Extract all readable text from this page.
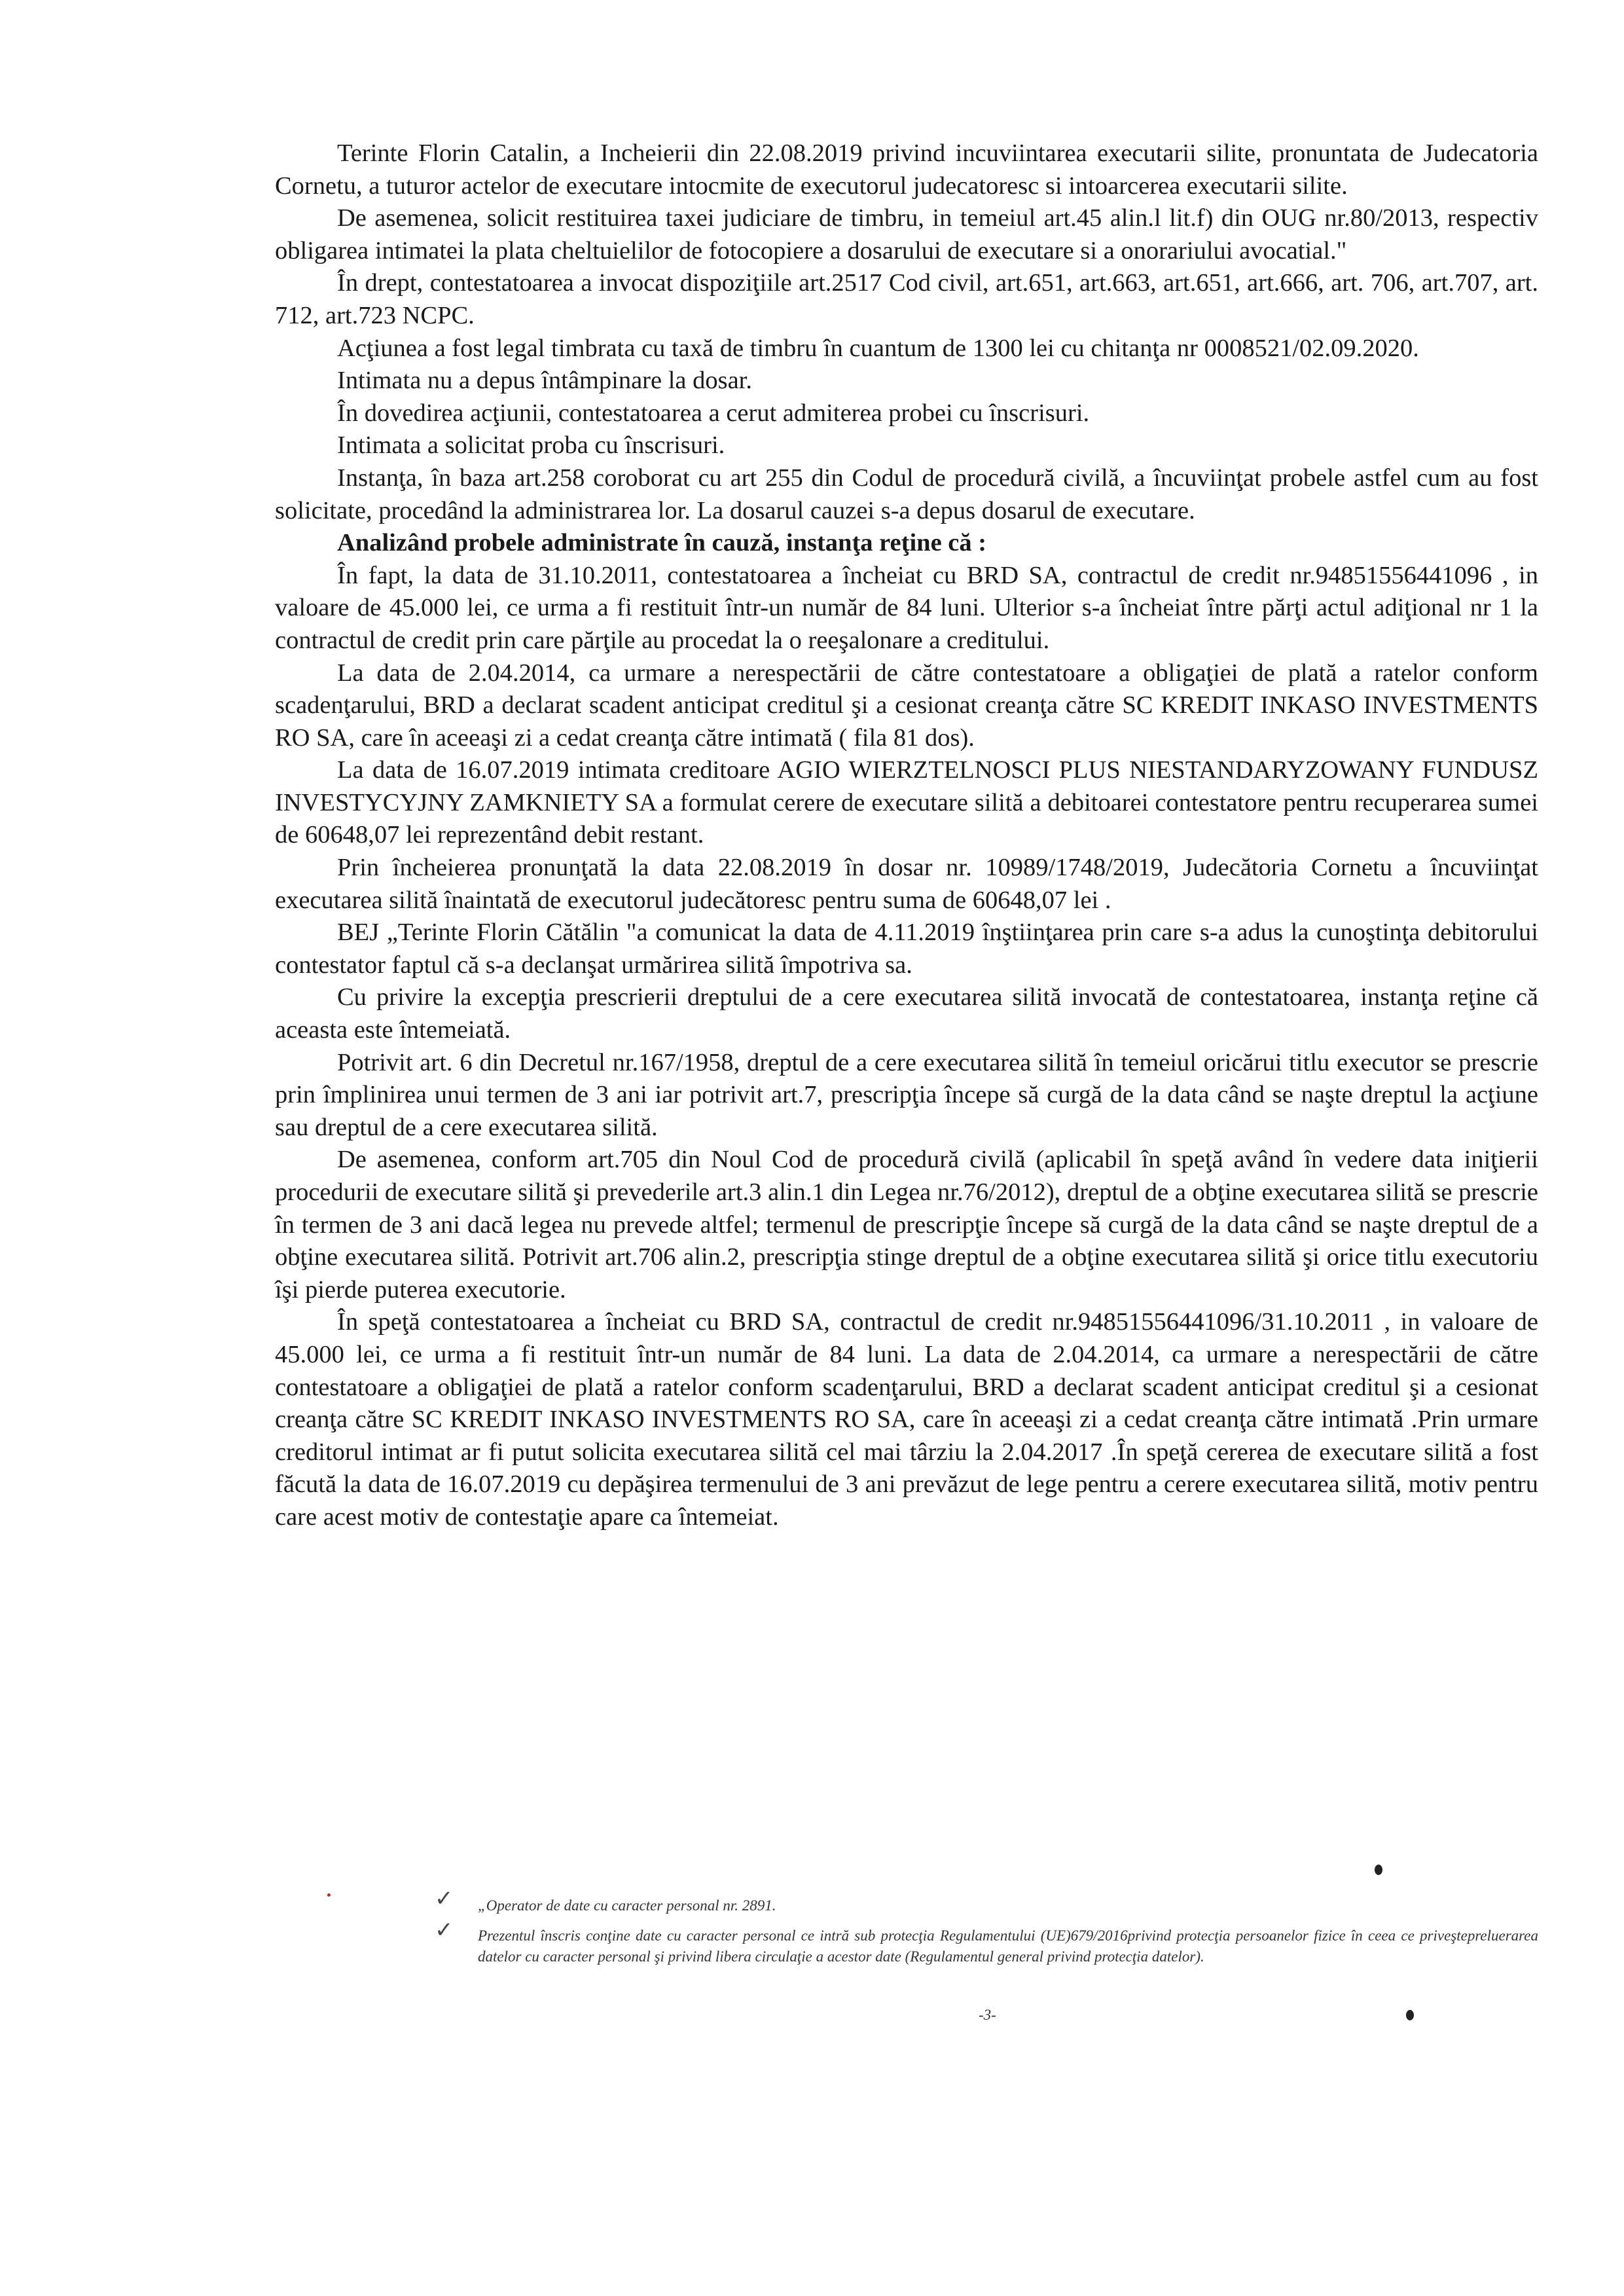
Terinte Florin Catalin, a Incheierii din 22.08.2019 privind incuviintarea executarii silite, pronuntata de Judecatoria Cornetu, a tuturor actelor de executare intocmite de executorul judecatoresc si intoarcerea executarii silite.

De asemenea, solicit restituirea taxei judiciare de timbru, in temeiul art.45 alin.l lit.f) din OUG nr.80/2013, respectiv obligarea intimatei la plata cheltuielilor de fotocopiere a dosarului de executare si a onorariului avocatial."

În drept, contestatoarea a invocat dispoziţiile art.2517 Cod civil, art.651, art.663, art.651, art.666, art. 706, art.707, art. 712, art.723 NCPC.

Acţiunea a fost legal timbrata cu taxă de timbru în cuantum de 1300 lei cu chitanţa nr 0008521/02.09.2020.

Intimata nu a depus întâmpinare la dosar.

În dovedirea acţiunii, contestatoarea a cerut admiterea probei cu înscrisuri.

Intimata a solicitat proba cu înscrisuri.

Instanţa, în baza art.258 coroborat cu art 255 din Codul de procedură civilă, a încuviinţat probele astfel cum au fost solicitate, procedând la administrarea lor. La dosarul cauzei s-a depus dosarul de executare.

Analizând probele administrate în cauză, instanţa reţine că :

În fapt, la data de 31.10.2011, contestatoarea a încheiat cu BRD SA, contractul de credit nr.94851556441096 , in valoare de 45.000 lei, ce urma a fi restituit într-un număr de 84 luni. Ulterior s-a încheiat între părţi actul adiţional nr 1 la contractul de credit prin care părţile au procedat la o reeşalonare a creditului.

La data de 2.04.2014, ca urmare a nerespectării de către contestatoare a obligaţiei de plată a ratelor conform scadenţarului, BRD a declarat scadent anticipat creditul şi a cesionat creanţa către SC KREDIT INKASO INVESTMENTS RO SA, care în aceeaşi zi a cedat creanţa către intimată ( fila 81 dos).

La data de 16.07.2019 intimata creditoare AGIO WIERZTELNOSCI PLUS NIESTANDARYZOWANY FUNDUSZ INVESTYCYJNY ZAMKNIETY SA a formulat cerere de executare silită a debitoarei contestatore pentru recuperarea sumei de 60648,07 lei reprezentând debit restant.

Prin încheierea pronunţată la data 22.08.2019 în dosar nr. 10989/1748/2019, Judecătoria Cornetu a încuviinţat executarea silită înaintată de executorul judecătoresc pentru suma de 60648,07 lei .

BEJ „Terinte Florin Cătălin "a comunicat la data de 4.11.2019 înştiinţarea prin care s-a adus la cunoştinţa debitorului contestator faptul că s-a declanşat urmărirea silită împotriva sa.

Cu privire la excepţia prescrierii dreptului de a cere executarea silită invocată de contestatoarea, instanţa reţine că aceasta este întemeiată.

Potrivit art. 6 din Decretul nr.167/1958, dreptul de a cere executarea silită în temeiul oricărui titlu executor se prescrie prin împlinirea unui termen de 3 ani iar potrivit art.7, prescripţia începe să curgă de la data când se naşte dreptul la acţiune sau dreptul de a cere executarea silită.

De asemenea, conform art.705 din Noul Cod de procedură civilă (aplicabil în speţă având în vedere data iniţierii procedurii de executare silită şi prevederile art.3 alin.1 din Legea nr.76/2012), dreptul de a obţine executarea silită se prescrie în termen de 3 ani dacă legea nu prevede altfel; termenul de prescripţie începe să curgă de la data când se naşte dreptul de a obţine executarea silită. Potrivit art.706 alin.2, prescripţia stinge dreptul de a obţine executarea silită şi orice titlu executoriu îşi pierde puterea executorie.

În speţă contestatoarea a încheiat cu BRD SA, contractul de credit nr.94851556441096/31.10.2011 , in valoare de 45.000 lei, ce urma a fi restituit într-un număr de 84 luni. La data de 2.04.2014, ca urmare a nerespectării de către contestatoare a obligaţiei de plată a ratelor conform scadenţarului, BRD a declarat scadent anticipat creditul şi a cesionat creanţa către SC KREDIT INKASO INVESTMENTS RO SA, care în aceeaşi zi a cedat creanţa către intimată .Prin urmare creditorul intimat ar fi putut solicita executarea silită cel mai târziu la 2.04.2017 .În speţă cererea de executare silită a fost făcută la data de 16.07.2019 cu depăşirea termenului de 3 ani prevăzut de lege pentru a cerere executarea silită, motiv pentru care acest motiv de contestaţie apare ca întemeiat.

✓
✓

„Operator de date cu caracter personal nr. 2891.

Prezentul înscris conţine date cu caracter personal ce intră sub protecţia Regulamentului (UE)679/2016privind protecţia persoanelor fizice în ceea ce priveştepreluerarea datelor cu caracter personal şi privind libera circulaţie a acestor date (Regulamentul general privind protecţia datelor).

-3-
